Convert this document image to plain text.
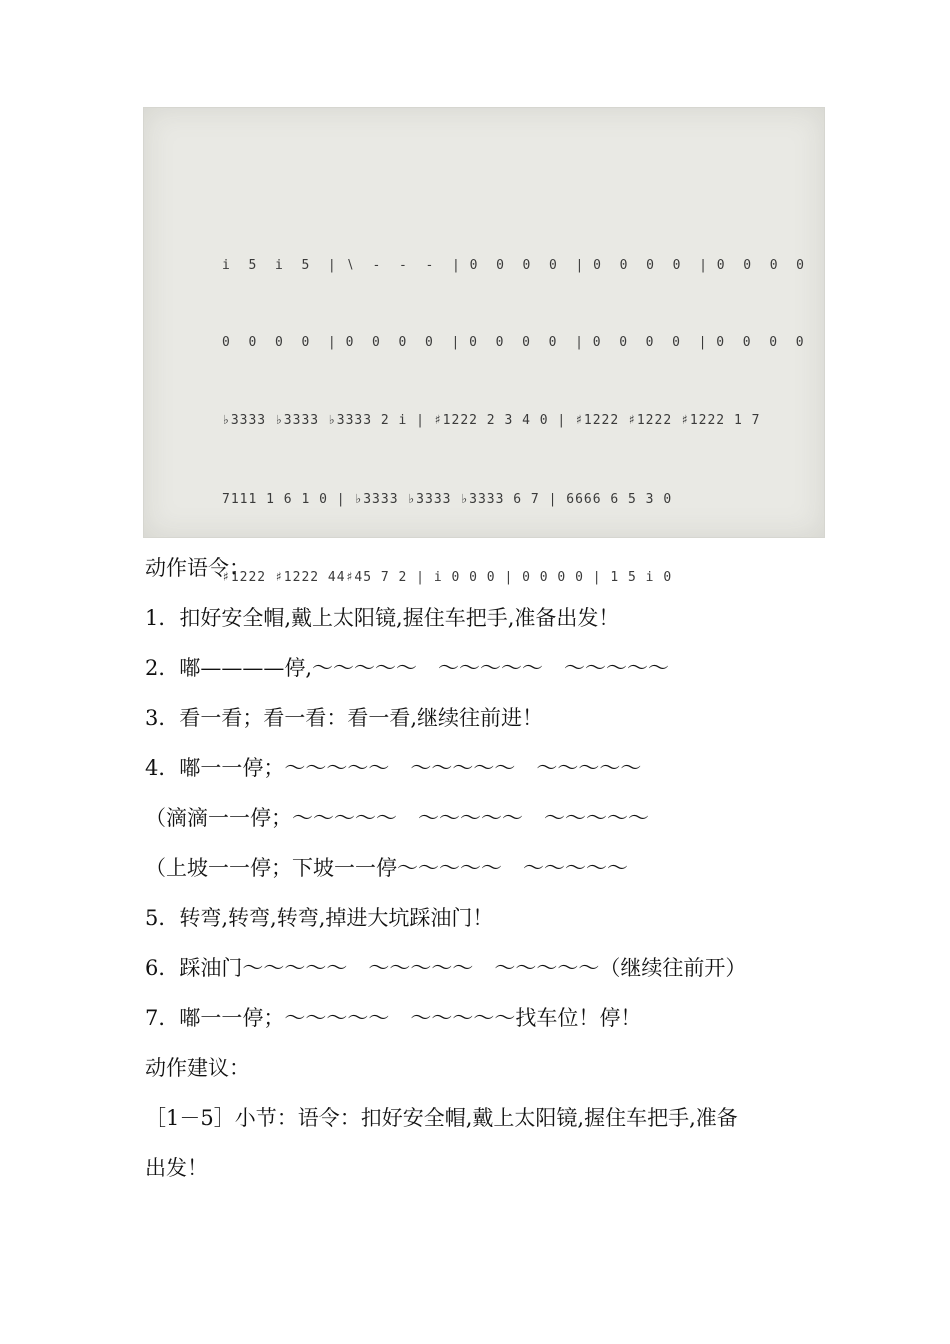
i  5  i  5  | ∖  -  -  -  | 0  0  0  0  | 0  0  0  0  | 0  0  0  0

0  0  0  0  | 0  0  0  0  | 0  0  0  0  | 0  0  0  0  | 0  0  0  0

♭3333 ♭3333 ♭3333 2 i | ♯1222 2 3 4 0 | ♯1222 ♯1222 ♯1222 1 7

7111 1 6 1 0 | ♭3333 ♭3333 ♭3333 6 7 | 6666 6 5 3 0

♯1222 ♯1222 44♯45 7 2 | i 0 0 0 | 0 0 0 0 | 1 5 i 0

动作语令：

1．扣好安全帽,戴上太阳镜,握住车把手,准备出发！

2．嘟————停,～～～～～　～～～～～　～～～～～

3．看一看；看一看：看一看,继续往前进！

4．嘟一一停；～～～～～　～～～～～　～～～～～

（滴滴一一停；～～～～～　～～～～～　～～～～～

（上坡一一停；下坡一一停～～～～～　～～～～～

5．转弯,转弯,转弯,掉进大坑踩油门！

6．踩油门～～～～～　～～～～～　～～～～～（继续往前开）

7．嘟一一停；～～～～～　～～～～～找车位！停！

动作建议：

［1－5］小节：语令：扣好安全帽,戴上太阳镜,握住车把手,准备

出发！
